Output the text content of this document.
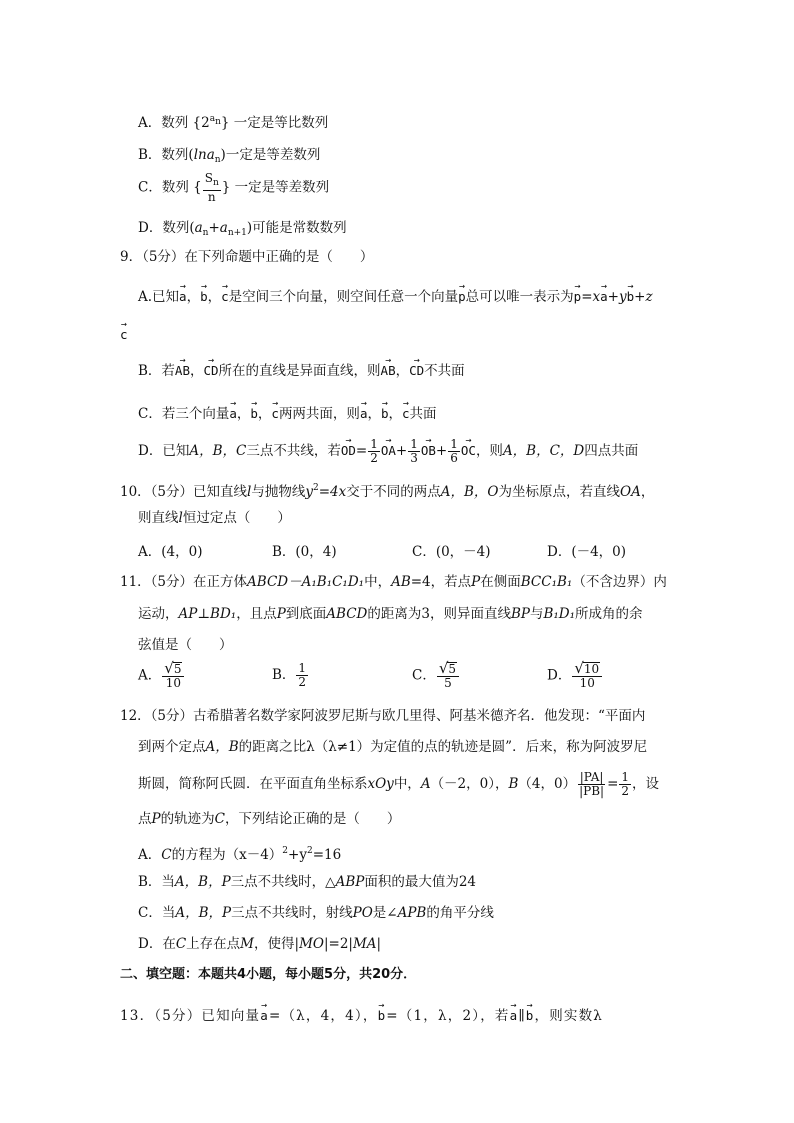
A．数列 $\{2^{a_n}\}$ 一定是等比数列
B．数列(lna$_n$)一定是等差数列
C．数列 { $\frac{S_n}{n}$ } 一定是等差数列
D．数列$(a_n+a_{n+1})$可能是常数数列
9．（5分）在下列命题中正确的是（　　）
A.已知→ a，→ b，→ c是空间三个向量，则空间任意一个向量→ p总可以唯一表示为→ p=x→ a+y→ b+z
→ c
B．若→ AB，→ CD所在的直线是异面直线，则→ AB，→ CD不共面
C．若三个向量→ a，→ b，→ c两两共面，则→ a，→ b，→ c共面
D．已知A，B，C三点不共线，若→ $OD= \frac{1}{2}$
→ $OA+ \frac{1}{3}$
→ $OB+ \frac{1}{6}$
→ OC，则A，B，C，D四点共面
10．（5分）已知直线l与抛物线$y^2=4x$交于不同的两点A，B，O为坐标原点，若直线OA，
则直线l恒过定点（　　）
A．(4，0)	B．(0，4)	C．(0，－4)	D．(－4，0)
11．（5分）在正方体ABCD－A₁B₁C₁D₁中，AB=4，若点P在侧面BCC₁B₁（不含边界）内
运动，AP⊥BD₁，且点P到底面ABCD的距离为3，则异面直线BP与B₁D₁所成角的余
弦值是（　　）
A． $\frac{√5}{10}$	B． $\frac{1}{2}$	C． $\frac{√5}{5}$	D． $\frac{√10}{10}$
12．（5分）古希腊著名数学家阿波罗尼斯与欧几里得、阿基米德齐名．他发现：“平面内
到两个定点A，B的距离之比λ（λ≠1）为定值的点的轨迹是圆”．后来，称为阿波罗尼
斯圆，简称阿氏圆．在平面直角坐标系xOy中，A（－2，0），B（4，$0) \frac{|PA|}{|PB|} = \frac{1}{2}$ ，设
点P的轨迹为C，下列结论正确的是（　　）
A．C的方程为$(x-4)^2+y^2=16$
B．当A，B，P三点不共线时，△ABP面积的最大值为24
C．当A，B，P三点不共线时，射线PO是∠APB的角平分线
D．在C上存在点M，使得|MO|=2|MA|
二、填空题：本题共4小题，每小题5分，共20分．
13．（5分）已知向量→ a=（λ，4，4），→ b=（1，λ，2），若→ a∥→ b，则实数λ
